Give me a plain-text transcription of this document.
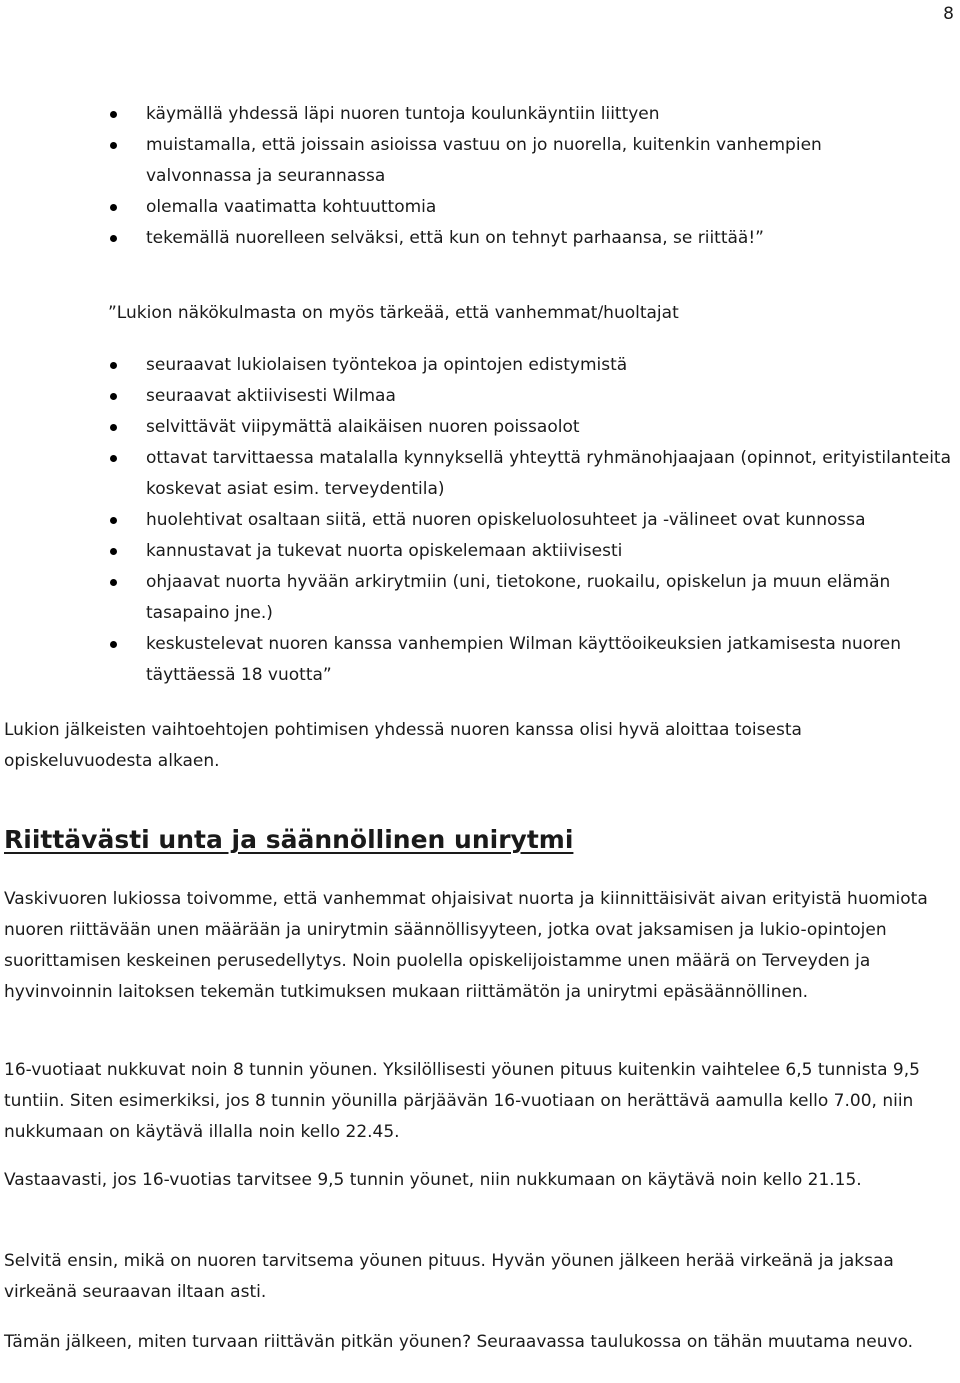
8
käymällä yhdessä läpi nuoren tuntoja koulunkäyntiin liittyen
muistamalla, että joissain asioissa vastuu on jo nuorella, kuitenkin vanhempien valvonnassa ja seurannassa
olemalla vaatimatta kohtuuttomia
tekemällä nuorelleen selväksi, että kun on tehnyt parhaansa, se riittää!”

”Lukion näkökulmasta on myös tärkeää, että vanhemmat/huoltajat

seuraavat lukiolaisen työntekoa ja opintojen edistymistä
seuraavat aktiivisesti Wilmaa
selvittävät viipymättä alaikäisen nuoren poissaolot
ottavat tarvittaessa matalalla kynnyksellä yhteyttä ryhmänohjaajaan (opinnot, erityistilanteita koskevat asiat esim. terveydentila)
huolehtivat osaltaan siitä, että nuoren opiskeluolosuhteet ja -välineet ovat kunnossa
kannustavat ja tukevat nuorta opiskelemaan aktiivisesti
ohjaavat nuorta hyvään arkirytmiin (uni, tietokone, ruokailu, opiskelun ja muun elämän tasapaino jne.)
keskustelevat nuoren kanssa vanhempien Wilman käyttöoikeuksien jatkamisesta nuoren täyttäessä 18 vuotta”

Lukion jälkeisten vaihtoehtojen pohtimisen yhdessä nuoren kanssa olisi hyvä aloittaa toisesta opiskeluvuodesta alkaen.

Riittävästi unta ja säännöllinen unirytmi

Vaskivuoren lukiossa toivomme, että vanhemmat ohjaisivat nuorta ja kiinnittäisivät aivan erityistä huomiota nuoren riittävään unen määrään ja unirytmin säännöllisyyteen, jotka ovat jaksamisen ja lukio-opintojen suorittamisen keskeinen perusedellytys. Noin puolella opiskelijoistamme unen määrä on Terveyden ja hyvinvoinnin laitoksen tekemän tutkimuksen mukaan riittämätön ja unirytmi epäsäännöllinen.

16-vuotiaat nukkuvat noin 8 tunnin yöunen. Yksilöllisesti yöunen pituus kuitenkin vaihtelee 6,5 tunnista 9,5 tuntiin. Siten esimerkiksi, jos 8 tunnin yöunilla pärjäävän 16-vuotiaan on herättävä aamulla kello 7.00, niin nukkumaan on käytävä illalla noin kello 22.45.

Vastaavasti, jos 16-vuotias tarvitsee 9,5 tunnin yöunet, niin nukkumaan on käytävä noin kello 21.15.

Selvitä ensin, mikä on nuoren tarvitsema yöunen pituus. Hyvän yöunen jälkeen herää virkeänä ja jaksaa virkeänä seuraavan iltaan asti.

Tämän jälkeen, miten turvaan riittävän pitkän yöunen? Seuraavassa taulukossa on tähän muutama neuvo.
